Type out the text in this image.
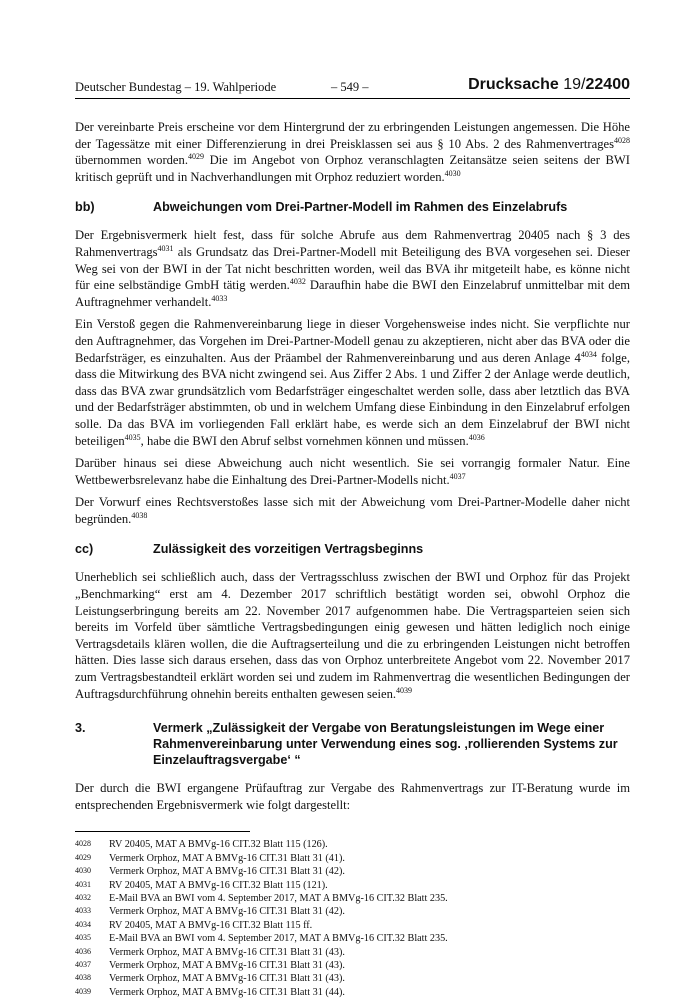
Deutscher Bundestag – 19. Wahlperiode	– 549 –	Drucksache 19/22400

Der vereinbarte Preis erscheine vor dem Hintergrund der zu erbringenden Leistungen angemessen. Die Höhe der Tagessätze mit einer Differenzierung in drei Preisklassen sei aus § 10 Abs. 2 des Rahmenvertrages$^{4028}$ übernommen worden.$^{4029}$ Die im Angebot von Orphoz veranschlagten Zeitansätze seien seitens der BWI kritisch geprüft und in Nachverhandlungen mit Orphoz reduziert worden.$^{4030}$

bb)	Abweichungen vom Drei-Partner-Modell im Rahmen des Einzelabrufs

Der Ergebnisvermerk hielt fest, dass für solche Abrufe aus dem Rahmenvertrag 20405 nach § 3 des Rahmenvertrags$^{4031}$ als Grundsatz das Drei-Partner-Modell mit Beteiligung des BVA vorgesehen sei. Dieser Weg sei von der BWI in der Tat nicht beschritten worden, weil das BVA ihr mitgeteilt habe, es könne nicht für eine selbständige GmbH tätig werden.$^{4032}$ Daraufhin habe die BWI den Einzelabruf unmittelbar mit dem Auftragnehmer verhandelt.$^{4033}$

Ein Verstoß gegen die Rahmenvereinbarung liege in dieser Vorgehensweise indes nicht. Sie verpflichte nur den Auftragnehmer, das Vorgehen im Drei-Partner-Modell genau zu akzeptieren, nicht aber das BVA oder die Bedarfsträger, es einzuhalten. Aus der Präambel der Rahmenvereinbarung und aus deren Anlage $4^{4034}$ folge, dass die Mitwirkung des BVA nicht zwingend sei. Aus Ziffer 2 Abs. 1 und Ziffer 2 der Anlage werde deutlich, dass das BVA zwar grundsätzlich vom Bedarfsträger eingeschaltet werden solle, dass aber letztlich das BVA und der Bedarfsträger abstimmten, ob und in welchem Umfang diese Einbindung in den Einzelabruf erfolgen solle. Da das BVA im vorliegenden Fall erklärt habe, es werde sich an dem Einzelabruf der BWI nicht beteiligen$^{4035}$, habe die BWI den Abruf selbst vornehmen können und müssen.$^{4036}$

Darüber hinaus sei diese Abweichung auch nicht wesentlich. Sie sei vorrangig formaler Natur. Eine Wettbewerbsrelevanz habe die Einhaltung des Drei-Partner-Modells nicht.$^{4037}$

Der Vorwurf eines Rechtsverstoßes lasse sich mit der Abweichung vom Drei-Partner-Modelle daher nicht begründen.$^{4038}$

cc)	Zulässigkeit des vorzeitigen Vertragsbeginns

Unerheblich sei schließlich auch, dass der Vertragsschluss zwischen der BWI und Orphoz für das Projekt „Benchmarking“ erst am 4. Dezember 2017 schriftlich bestätigt worden sei, obwohl Orphoz die Leistungserbringung bereits am 22. November 2017 aufgenommen habe. Die Vertragsparteien seien sich bereits im Vorfeld über sämtliche Vertragsbedingungen einig gewesen und hätten lediglich noch einige Vertragsdetails klären wollen, die die Auftragserteilung und die zu erbringenden Leistungen nicht betroffen hätten. Dies lasse sich daraus ersehen, dass das von Orphoz unterbreitete Angebot vom 22. November 2017 zum Vertragsbestandteil erklärt worden sei und zudem im Rahmenvertrag die wesentlichen Bedingungen der Auftragsdurchführung ohnehin bereits enthalten gewesen seien.$^{4039}$

3.	Vermerk „Zulässigkeit der Vergabe von Beratungsleistungen im Wege einer Rahmenvereinbarung unter Verwendung eines sog. ‚rollierenden Systems zur Einzelauftragsvergabe‘ “

Der durch die BWI ergangene Prüfauftrag zur Vergabe des Rahmenvertrags zur IT-Beratung wurde im entsprechenden Ergebnisvermerk wie folgt dargestellt:

4028	RV 20405, MAT A BMVg-16 CIT.32 Blatt 115 (126).
4029	Vermerk Orphoz, MAT A BMVg-16 CIT.31 Blatt 31 (41).
4030	Vermerk Orphoz, MAT A BMVg-16 CIT.31 Blatt 31 (42).
4031	RV 20405, MAT A BMVg-16 CIT.32 Blatt 115 (121).
4032	E-Mail BVA an BWI vom 4. September 2017, MAT A BMVg-16 CIT.32 Blatt 235.
4033	Vermerk Orphoz, MAT A BMVg-16 CIT.31 Blatt 31 (42).
4034	RV 20405, MAT A BMVg-16 CIT.32 Blatt 115 ff.
4035	E-Mail BVA an BWI vom 4. September 2017, MAT A BMVg-16 CIT.32 Blatt 235.
4036	Vermerk Orphoz, MAT A BMVg-16 CIT.31 Blatt 31 (43).
4037	Vermerk Orphoz, MAT A BMVg-16 CIT.31 Blatt 31 (43).
4038	Vermerk Orphoz, MAT A BMVg-16 CIT.31 Blatt 31 (43).
4039	Vermerk Orphoz, MAT A BMVg-16 CIT.31 Blatt 31 (44).
